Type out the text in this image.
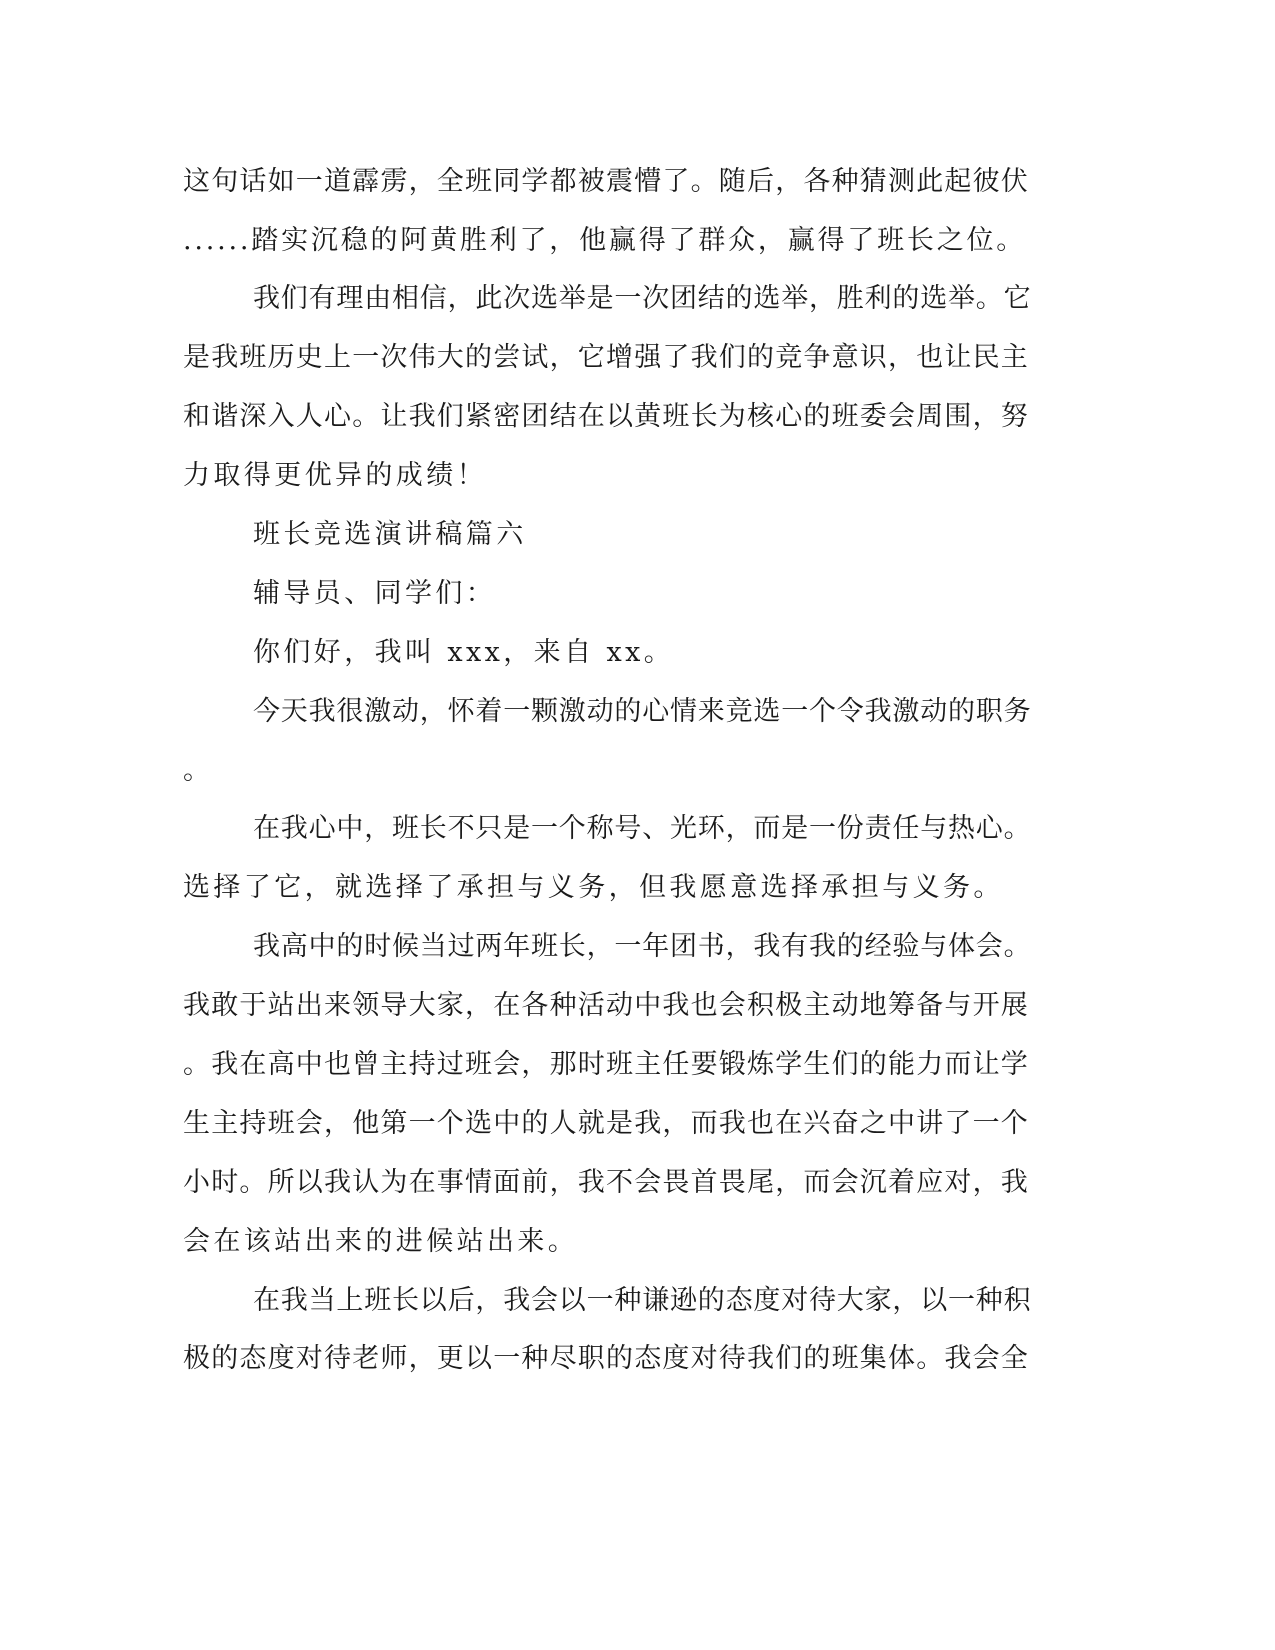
这句话如一道霹雳，全班同学都被震懵了。随后，各种猜测此起彼伏
......踏实沉稳的阿黄胜利了，他赢得了群众，赢得了班长之位。
我们有理由相信，此次选举是一次团结的选举，胜利的选举。它
是我班历史上一次伟大的尝试，它增强了我们的竞争意识，也让民主
和谐深入人心。让我们紧密团结在以黄班长为核心的班委会周围，努
力取得更优异的成绩！
班长竞选演讲稿篇六
辅导员、同学们：
你们好，我叫 xxx，来自 xx。
今天我很激动，怀着一颗激动的心情来竞选一个令我激动的职务
。
在我心中，班长不只是一个称号、光环，而是一份责任与热心。
选择了它，就选择了承担与义务，但我愿意选择承担与义务。
我高中的时候当过两年班长，一年团书，我有我的经验与体会。
我敢于站出来领导大家，在各种活动中我也会积极主动地筹备与开展
。我在高中也曾主持过班会，那时班主任要锻炼学生们的能力而让学
生主持班会，他第一个选中的人就是我，而我也在兴奋之中讲了一个
小时。所以我认为在事情面前，我不会畏首畏尾，而会沉着应对，我
会在该站出来的进候站出来。
在我当上班长以后，我会以一种谦逊的态度对待大家，以一种积
极的态度对待老师，更以一种尽职的态度对待我们的班集体。我会全
